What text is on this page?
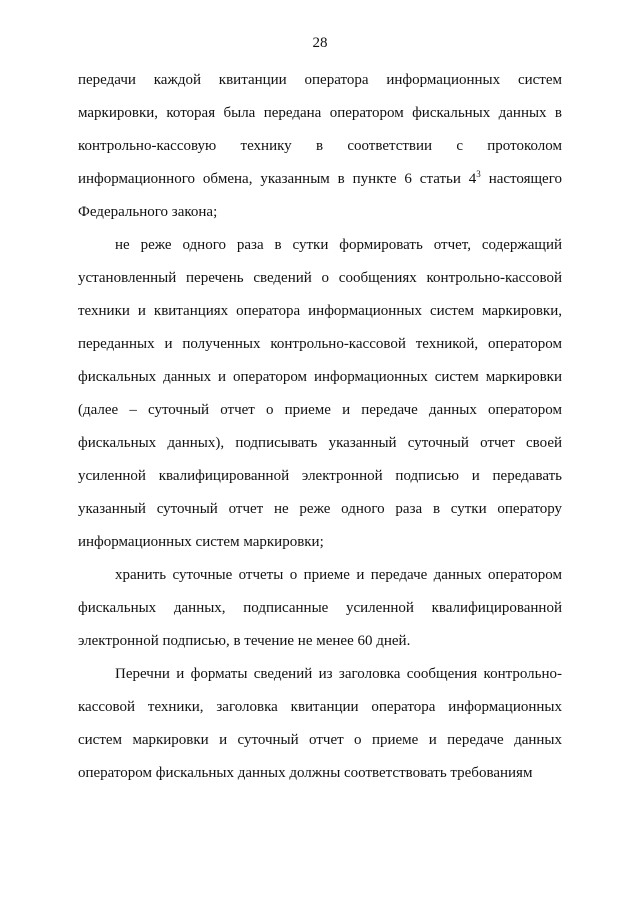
28

передачи каждой квитанции оператора информационных систем маркировки, которая была передана оператором фискальных данных в контрольно-кассовую технику в соответствии с протоколом информационного обмена, указанным в пункте 6 статьи $4^3$ настоящего Федерального закона;

не реже одного раза в сутки формировать отчет, содержащий установленный перечень сведений о сообщениях контрольно-кассовой техники и квитанциях оператора информационных систем маркировки, переданных и полученных контрольно-кассовой техникой, оператором фискальных данных и оператором информационных систем маркировки (далее – суточный отчет о приеме и передаче данных оператором фискальных данных), подписывать указанный суточный отчет своей усиленной квалифицированной электронной подписью и передавать указанный суточный отчет не реже одного раза в сутки оператору информационных систем маркировки;

хранить суточные отчеты о приеме и передаче данных оператором фискальных данных, подписанные усиленной квалифицированной электронной подписью, в течение не менее 60 дней.

Перечни и форматы сведений из заголовка сообщения контрольно-кассовой техники, заголовка квитанции оператора информационных систем маркировки и суточный отчет о приеме и передаче данных оператором фискальных данных должны соответствовать требованиям
